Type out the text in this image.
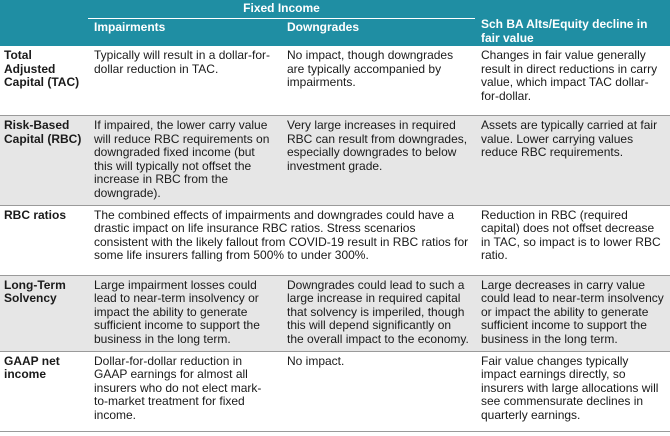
	Fixed Income		Sch BA Alts/Equity decline in fair value
	Impairments	Downgrades	
Total Adjusted Capital (TAC)	Typically will result in a dollar-for-dollar reduction in TAC.	No impact, though downgrades are typically accompanied by impairments.	Changes in fair value generally result in direct reductions in carry value, which impact TAC dollar-for-dollar.
Risk-Based Capital (RBC)	If impaired, the lower carry value will reduce RBC requirements on downgraded fixed income (but this will typically not offset the increase in RBC from the downgrade).	Very large increases in required RBC can result from downgrades, especially downgrades to below investment grade.	Assets are typically carried at fair value. Lower carrying values reduce RBC requirements.
RBC ratios	The combined effects of impairments and downgrades could have a drastic impact on life insurance RBC ratios. Stress scenarios consistent with the likely fallout from COVID-19 result in RBC ratios for some life insurers falling from 500% to under 300%.		Reduction in RBC (required capital) does not offset decrease in TAC, so impact is to lower RBC ratio.
Long-Term Solvency	Large impairment losses could lead to near-term insolvency or impact the ability to generate sufficient income to support the business in the long term.	Downgrades could lead to such a large increase in required capital that solvency is imperiled, though this will depend significantly on the overall impact to the economy.	Large decreases in carry value could lead to near-term insolvency or impact the ability to generate sufficient income to support the business in the long term.
GAAP net income	Dollar-for-dollar reduction in GAAP earnings for almost all insurers who do not elect mark-to-market treatment for fixed income.	No impact.	Fair value changes typically impact earnings directly, so insurers with large allocations will see commensurate declines in quarterly earnings.
